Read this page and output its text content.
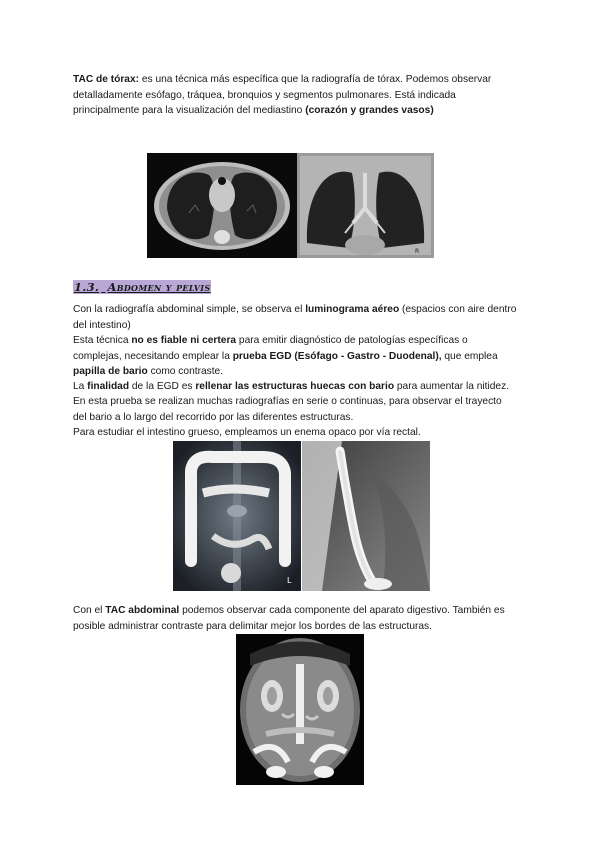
TAC de tórax: es una técnica más específica que la radiografía de tórax. Podemos observar
detalladamente esófago, tráquea, bronquios y segmentos pulmonares. Está indicada
principalmente para la visualización del mediastino (corazón y grandes vasos)

R
1.3. Abdomen y pelvis

Con la radiografía abdominal simple, se observa el luminograma aéreo (espacios con aire dentro
del intestino)

Esta técnica no es fiable ni certera para emitir diagnóstico de patologías específicas o
complejas, necesitando emplear la prueba EGD (Esófago - Gastro - Duodenal), que emplea
papilla de bario como contraste.

La finalidad de la EGD es rellenar las estructuras huecas con bario para aumentar la nitidez.

En esta prueba se realizan muchas radiografías en serie o continuas, para observar el trayecto
del bario a lo largo del recorrido por las diferentes estructuras.

Para estudiar el intestino grueso, empleamos un enema opaco por vía rectal.

L

Con el TAC abdominal podemos observar cada componente del aparato digestivo. También es
posible administrar contraste para delimitar mejor los bordes de las estructuras.
